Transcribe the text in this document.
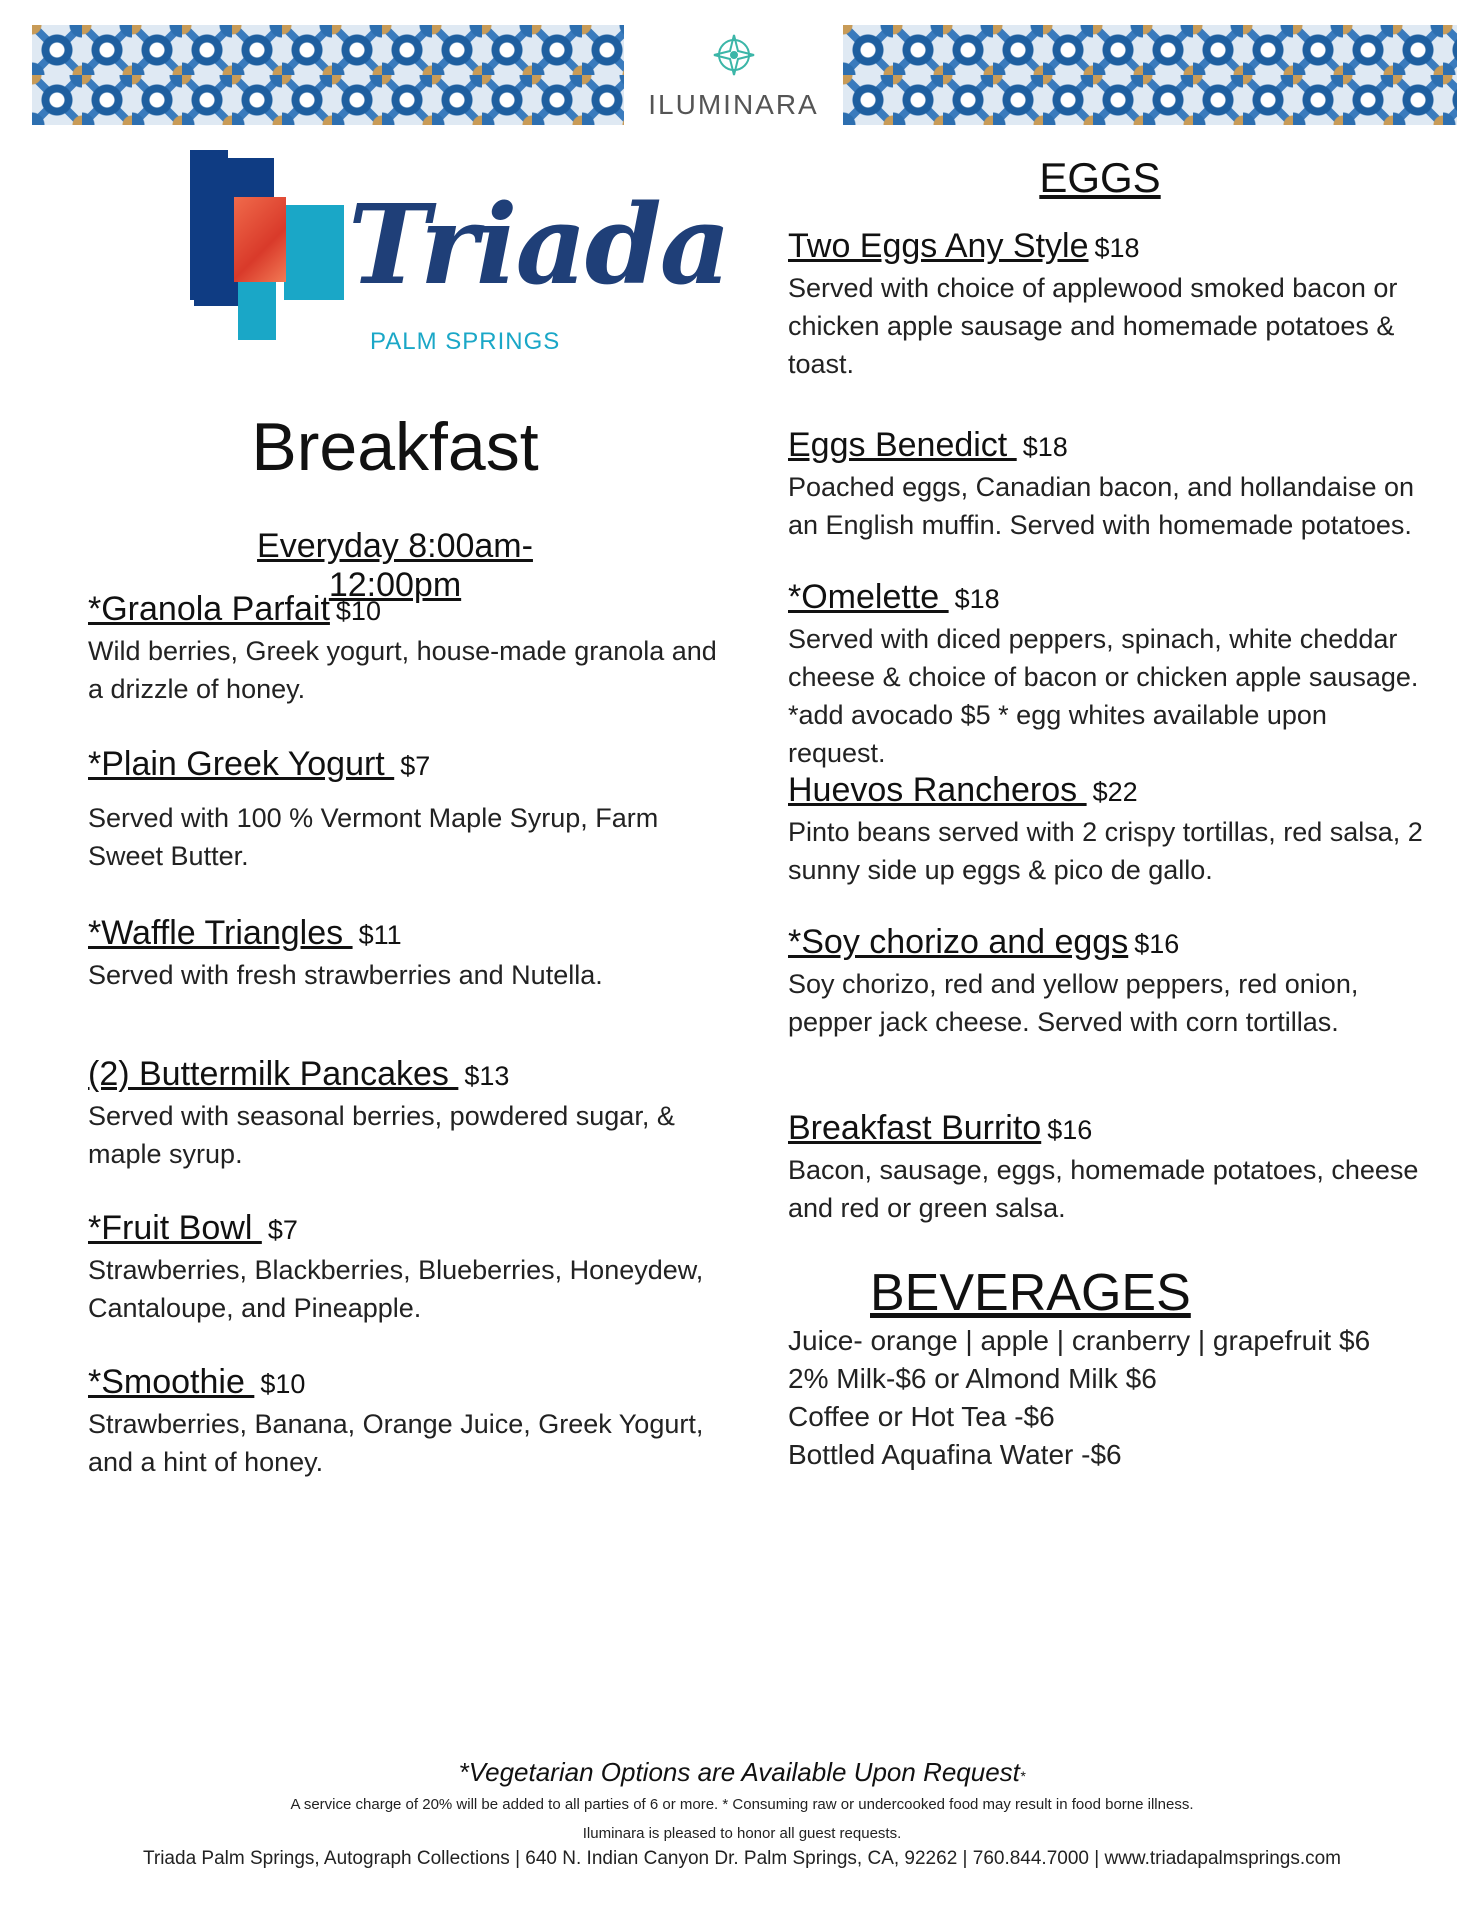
ILUMINARA
Triada
PALM SPRINGS
Breakfast
Everyday 8:00am-12:00pm
*Granola Parfait $10
Wild berries, Greek yogurt, house-made granola and a drizzle of honey.
*Plain Greek Yogurt $7
Served with 100 % Vermont Maple Syrup, Farm Sweet Butter.
*Waffle Triangles $11
Served with fresh strawberries and Nutella.
(2) Buttermilk Pancakes $13
Served with seasonal berries, powdered sugar, & maple syrup.
*Fruit Bowl $7
Strawberries, Blackberries, Blueberries, Honeydew, Cantaloupe, and Pineapple.
*Smoothie $10
Strawberries, Banana, Orange Juice, Greek Yogurt, and a hint of honey.
EGGS
Two Eggs Any Style $18
Served with choice of applewood smoked bacon or chicken apple sausage and homemade potatoes & toast.
Eggs Benedict $18
Poached eggs, Canadian bacon, and hollandaise on an English muffin. Served with homemade potatoes.
*Omelette $18
Served with diced peppers, spinach, white cheddar cheese & choice of bacon or chicken apple sausage. *add avocado $5 * egg whites available upon request.
Huevos Rancheros $22
Pinto beans served with 2 crispy tortillas, red salsa, 2 sunny side up eggs & pico de gallo.
*Soy chorizo and eggs $16
Soy chorizo, red and yellow peppers, red onion, pepper jack cheese. Served with corn tortillas.
Breakfast Burrito $16
Bacon, sausage, eggs, homemade potatoes, cheese and red or green salsa.
BEVERAGES
Juice- orange | apple | cranberry | grapefruit $6
2% Milk-$6 or Almond Milk $6
Coffee or Hot Tea -$6
Bottled Aquafina Water -$6
*Vegetarian Options are Available Upon Request*
A service charge of 20% will be added to all parties of 6 or more. * Consuming raw or undercooked food may result in food borne illness.
Iluminara is pleased to honor all guest requests.
Triada Palm Springs, Autograph Collections | 640 N. Indian Canyon Dr. Palm Springs, CA, 92262 | 760.844.7000 | www.triadapalmsprings.com
